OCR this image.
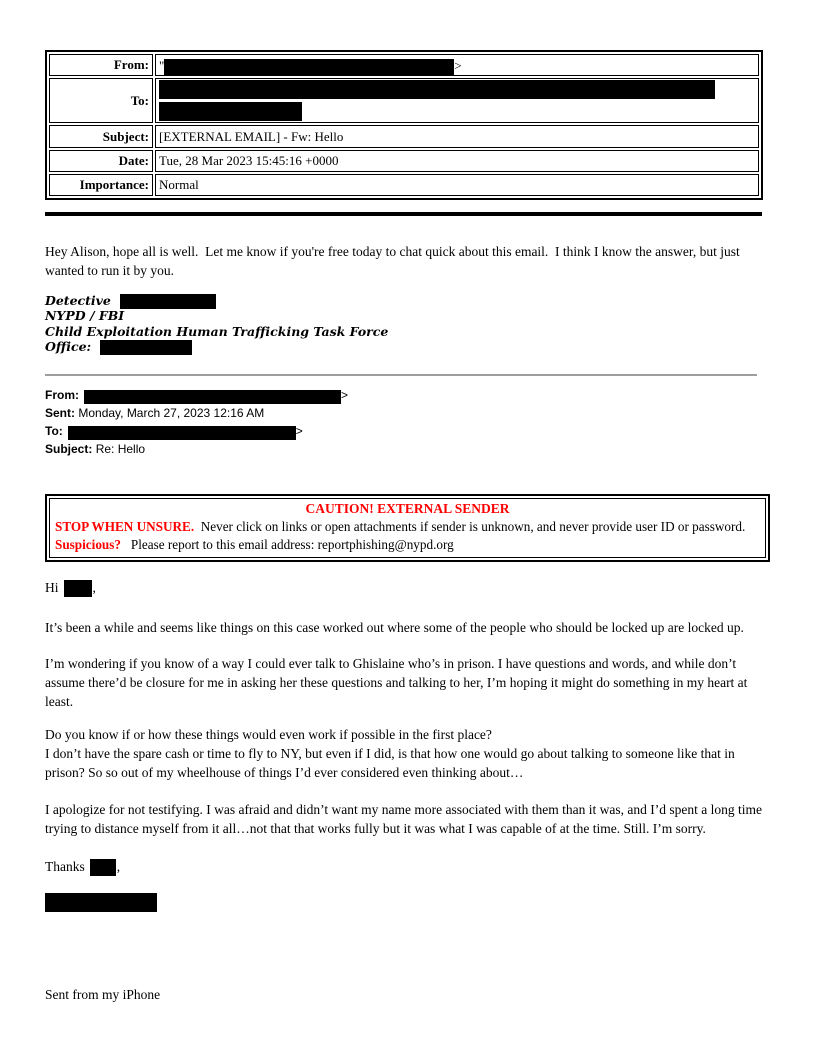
From:	" >
To:	

Subject:	[EXTERNAL EMAIL] - Fw: Hello
Date:	Tue, 28 Mar 2023 15:45:16 +0000
Importance:	Normal

Hey Alison, hope all is well.  Let me know if you're free today to chat quick about this email.  I think I know the answer, but just wanted to run it by you.

Detective
NYPD / FBI
Child Exploitation Human Trafficking Task Force
Office:
From:	>
Sent: Monday, March 27, 2023 12:16 AM
To:	>
Subject: Re: Hello
CAUTION! EXTERNAL SENDER
STOP WHEN UNSURE.  Never click on links or open attachments if sender is unknown, and never provide user ID or password. Suspicious?   Please report to this email address: reportphishing@nypd.org

Hi	,

It’s been a while and seems like things on this case worked out where some of the people who should be locked up are locked up.

I’m wondering if you know of a way I could ever talk to Ghislaine who’s in prison. I have questions and words, and while don’t assume there’d be closure for me in asking her these questions and talking to her, I’m hoping it might do something in my heart at least.

Do you know if or how these things would even work if possible in the first place?
I don’t have the spare cash or time to fly to NY, but even if I did, is that how one would go about talking to someone like that in prison? So so out of my wheelhouse of things I’d ever considered even thinking about…

I apologize for not testifying. I was afraid and didn’t want my name more associated with them than it was, and I’d spent a long time trying to distance myself from it all…not that that works fully but it was what I was capable of at the time. Still. I’m sorry.

Thanks ,

Sent from my iPhone
